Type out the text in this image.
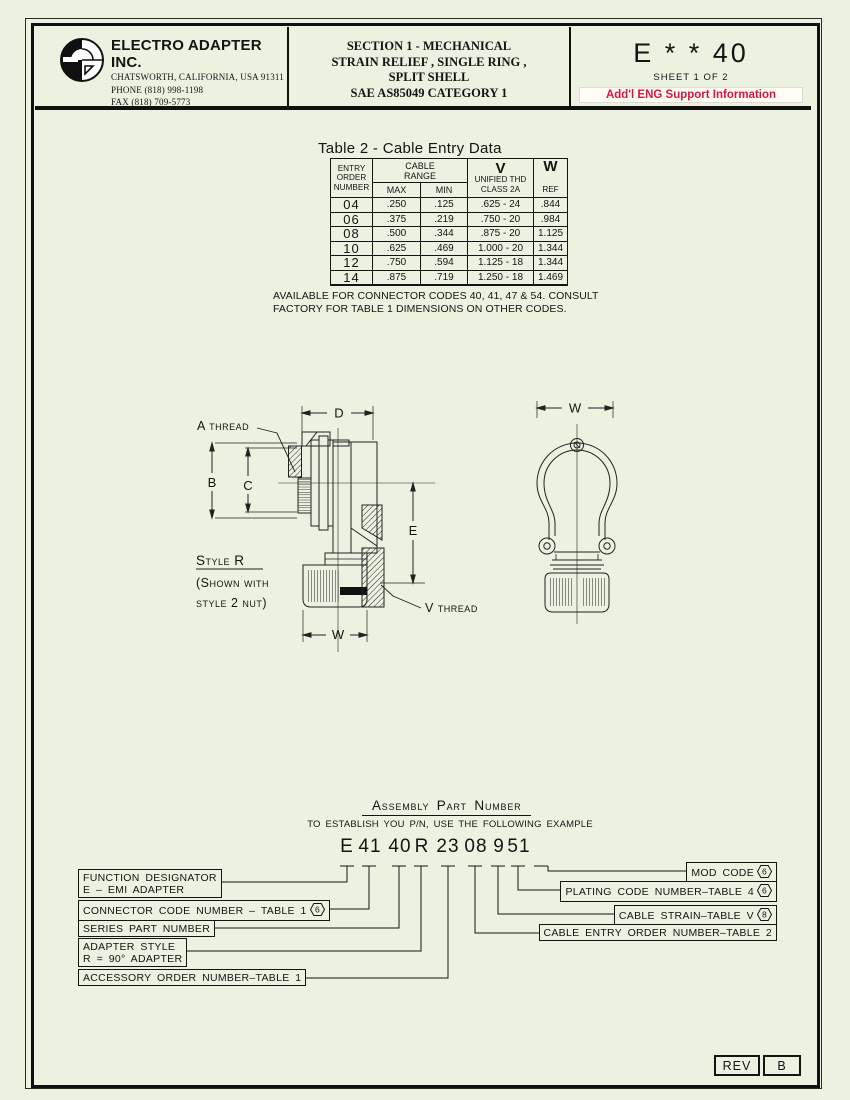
ELECTRO ADAPTER INC.
CHATSWORTH, CALIFORNIA, USA 91311
PHONE (818) 998-1198
FAX (818) 709-5773
SECTION 1 - MECHANICAL
STRAIN RELIEF , SINGLE RING ,
SPLIT SHELL
SAE AS85049 CATEGORY 1
E * * 40
SHEET 1 OF 2
Add'l ENG Support Information
Table 2 - Cable Entry Data
ENTRY
ORDER
NUMBER
CABLE
RANGE
MAX	MIN
V
UNIFIED THD
CLASS 2A
W
REF
04	.250	.125	.625 - 24	.844
06	.375	.219	.750 - 20	.984
08	.500	.344	.875 - 20	1.125
10	.625	.469	1.000 - 20	1.344
12	.750	.594	1.125 - 18	1.344
14	.875	.719	1.250 - 18	1.469
AVAILABLE FOR CONNECTOR CODES 40, 41, 47 & 54. CONSULT
FACTORY FOR TABLE 1 DIMENSIONS ON OTHER CODES.
D
A thread
B C
E
W
V thread
Style R
(Shown with
style 2 nut)
W
Assembly Part Number
TO ESTABLISH YOU P/N, USE THE FOLLOWING EXAMPLE
E 41 40 R 23 08 9 51
FUNCTION DESIGNATOR
E – EMI ADAPTER
CONNECTOR CODE NUMBER – TABLE 1 6
SERIES PART NUMBER
ADAPTER STYLE
R = 90° ADAPTER
ACCESSORY ORDER NUMBER–TABLE 1
MOD CODE 6
PLATING CODE NUMBER–TABLE 4 6
CABLE STRAIN–TABLE V 8
CABLE ENTRY ORDER NUMBER–TABLE 2
REV	B
